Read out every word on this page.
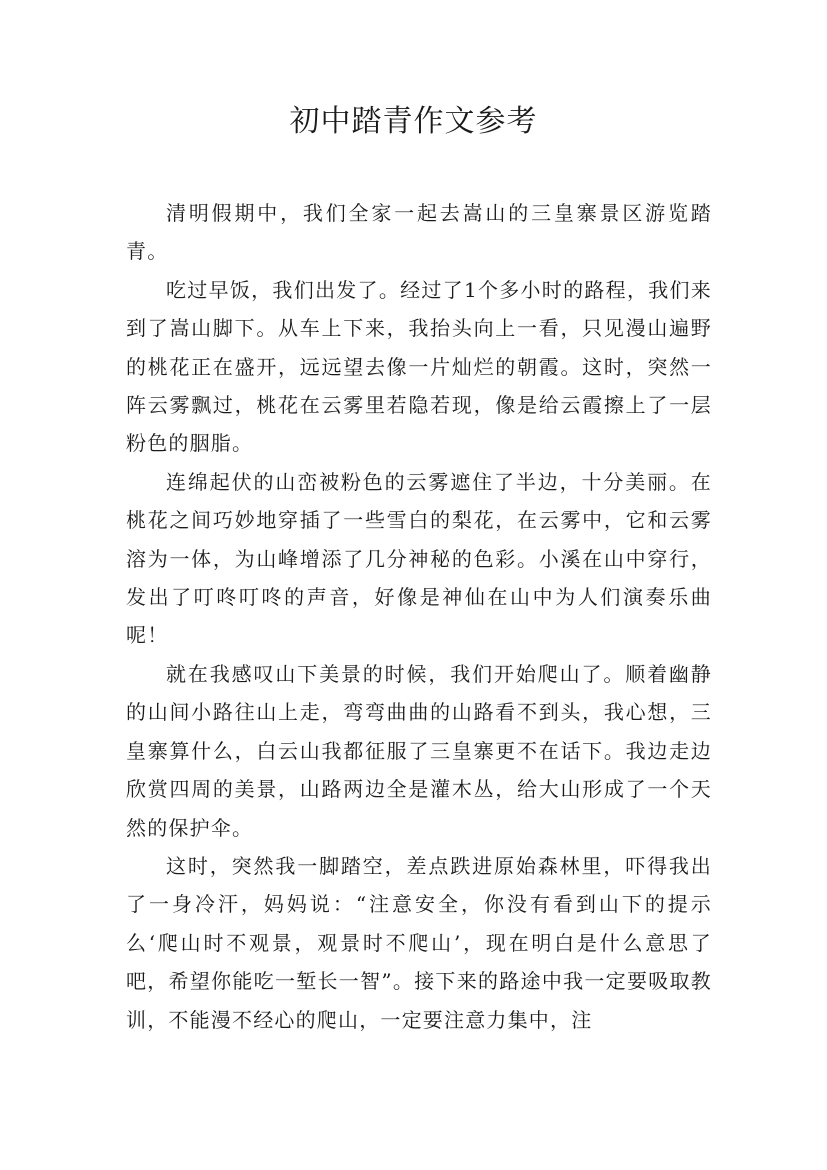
初中踏青作文参考

清明假期中，我们全家一起去嵩山的三皇寨景区游览踏青。

吃过早饭，我们出发了。经过了1个多小时的路程，我们来到了嵩山脚下。从车上下来，我抬头向上一看，只见漫山遍野的桃花正在盛开，远远望去像一片灿烂的朝霞。这时，突然一阵云雾飘过，桃花在云雾里若隐若现，像是给云霞擦上了一层粉色的胭脂。

连绵起伏的山峦被粉色的云雾遮住了半边，十分美丽。在桃花之间巧妙地穿插了一些雪白的梨花，在云雾中，它和云雾溶为一体，为山峰增添了几分神秘的色彩。小溪在山中穿行，发出了叮咚叮咚的声音，好像是神仙在山中为人们演奏乐曲呢！

就在我感叹山下美景的时候，我们开始爬山了。顺着幽静的山间小路往山上走，弯弯曲曲的山路看不到头，我心想，三皇寨算什么，白云山我都征服了三皇寨更不在话下。我边走边欣赏四周的美景，山路两边全是灌木丛，给大山形成了一个天然的保护伞。

这时，突然我一脚踏空，差点跌进原始森林里，吓得我出了一身冷汗，妈妈说：“注意安全，你没有看到山下的提示么‘爬山时不观景，观景时不爬山’，现在明白是什么意思了吧，希望你能吃一堑长一智”。接下来的路途中我一定要吸取教训，不能漫不经心的爬山，一定要注意力集中，注
